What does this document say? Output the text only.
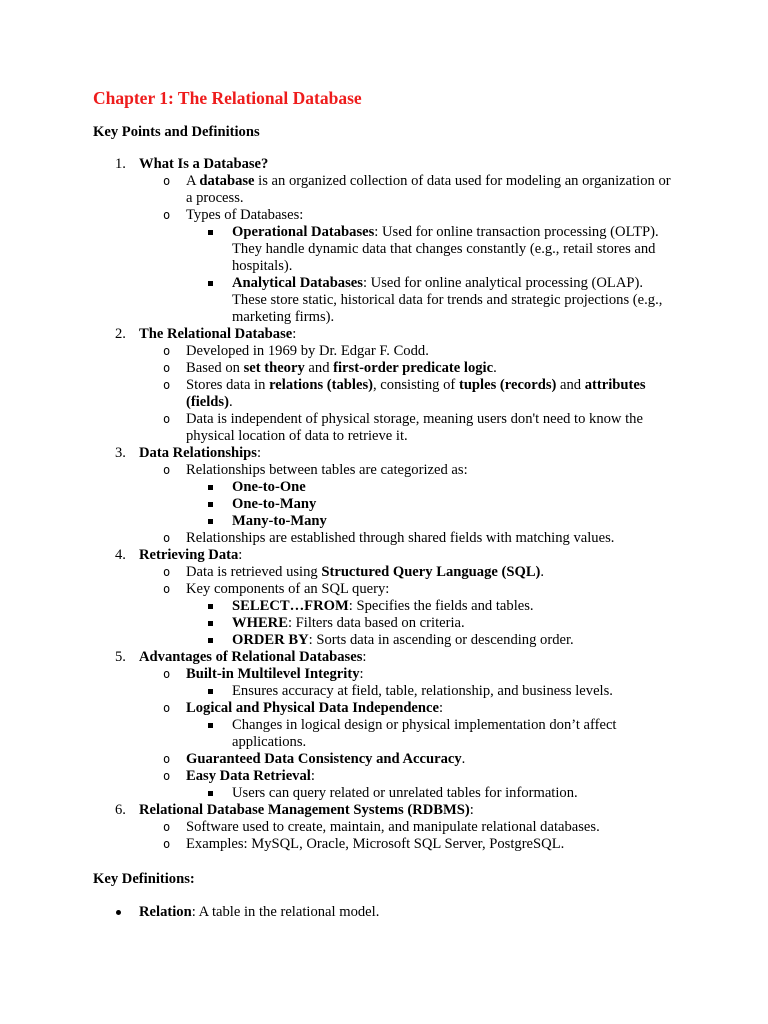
Chapter 1: The Relational Database
Key Points and Definitions
1. What Is a Database?
o A database is an organized collection of data used for modeling an organization or a process.
o Types of Databases:
Operational Databases: Used for online transaction processing (OLTP). They handle dynamic data that changes constantly (e.g., retail stores and hospitals).
Analytical Databases: Used for online analytical processing (OLAP). These store static, historical data for trends and strategic projections (e.g., marketing firms).
2. The Relational Database:
o Developed in 1969 by Dr. Edgar F. Codd.
o Based on set theory and first-order predicate logic.
o Stores data in relations (tables), consisting of tuples (records) and attributes (fields).
o Data is independent of physical storage, meaning users don't need to know the physical location of data to retrieve it.
3. Data Relationships:
o Relationships between tables are categorized as:
One-to-One
One-to-Many
Many-to-Many
o Relationships are established through shared fields with matching values.
4. Retrieving Data:
o Data is retrieved using Structured Query Language (SQL).
o Key components of an SQL query:
SELECT…FROM: Specifies the fields and tables.
WHERE: Filters data based on criteria.
ORDER BY: Sorts data in ascending or descending order.
5. Advantages of Relational Databases:
o Built-in Multilevel Integrity:
Ensures accuracy at field, table, relationship, and business levels.
o Logical and Physical Data Independence:
Changes in logical design or physical implementation don’t affect applications.
o Guaranteed Data Consistency and Accuracy.
o Easy Data Retrieval:
Users can query related or unrelated tables for information.
6. Relational Database Management Systems (RDBMS):
o Software used to create, maintain, and manipulate relational databases.
o Examples: MySQL, Oracle, Microsoft SQL Server, PostgreSQL.
Key Definitions:
Relation: A table in the relational model.
